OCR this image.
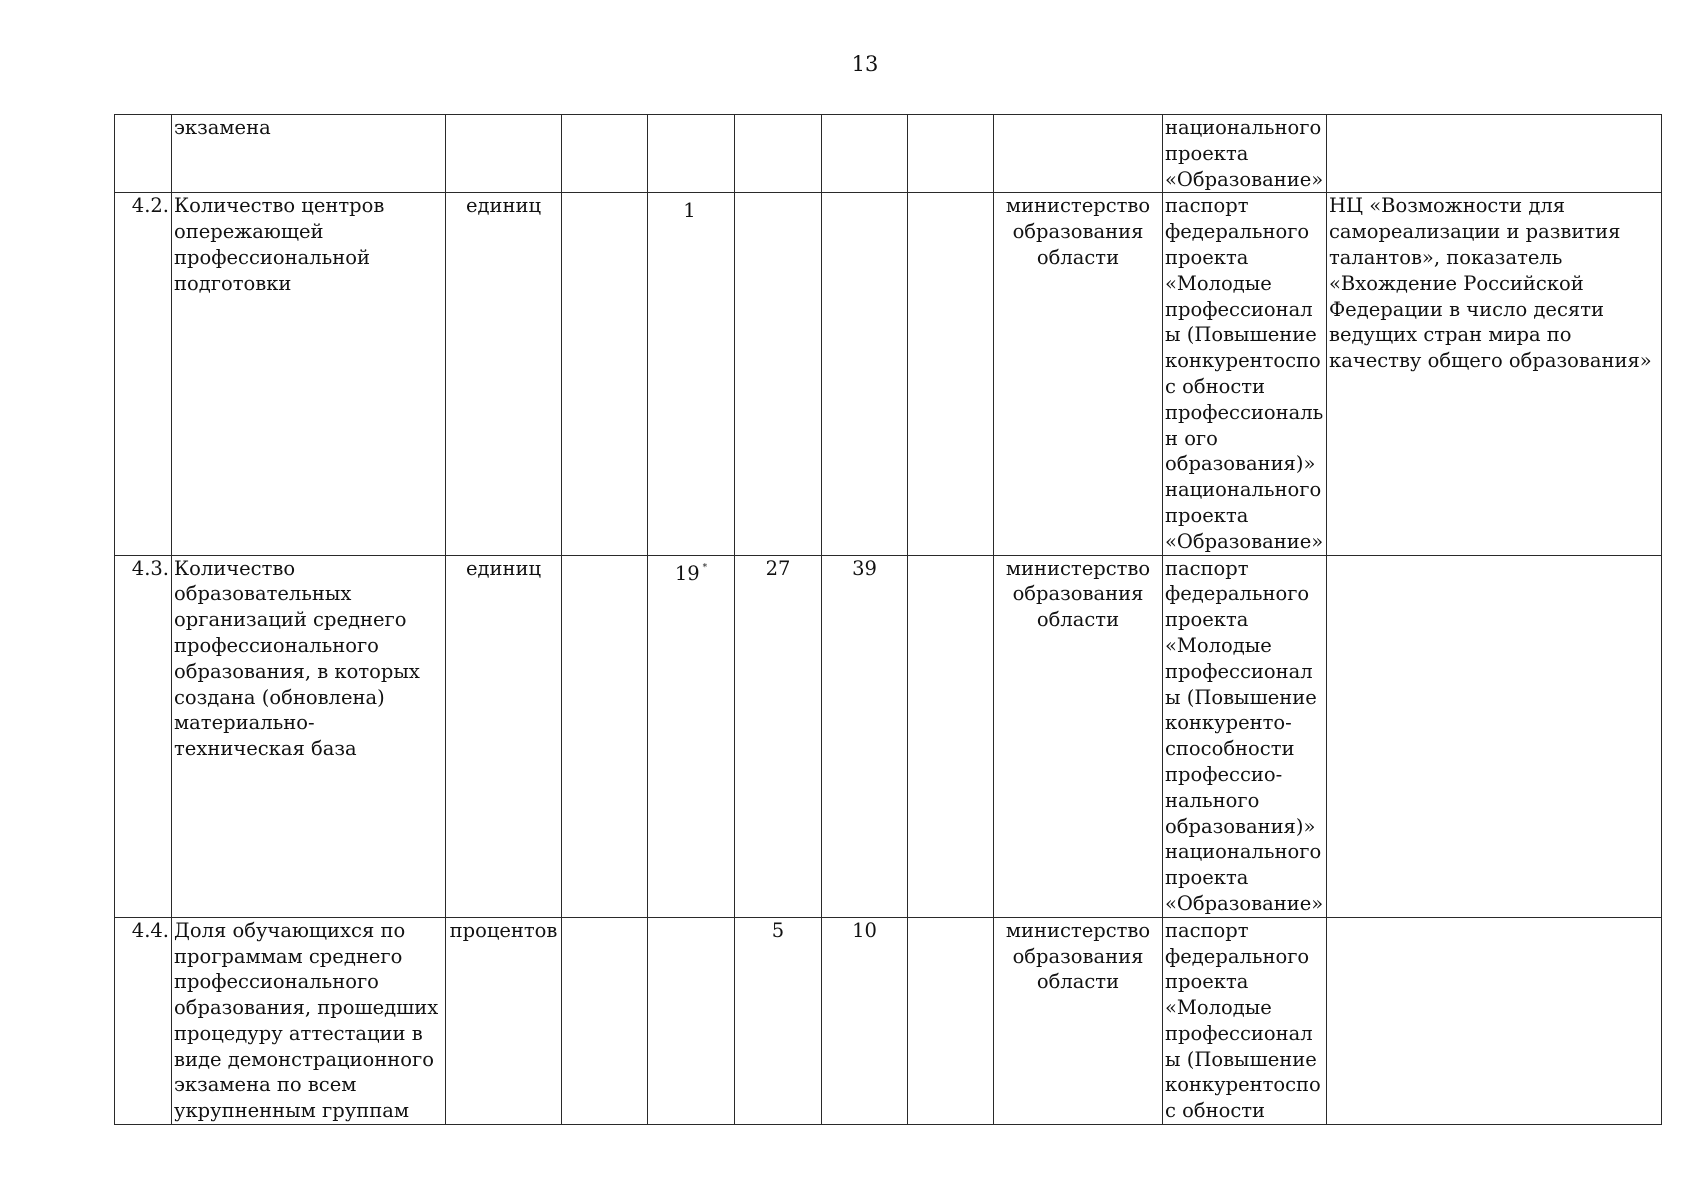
13
	экзамена								национального проекта «Образование»	
4.2.	Количество центров опережающей профессиональной подготовки	единиц		1				министерство образования области	паспорт федерального проекта «Молодые профессионалы (Повышение конкурентоспос обности профессиональн ого образования)» национального проекта «Образование»	НЦ «Возможности для самореализации и развития талантов», показатель «Вхождение Российской Федерации в число десяти ведущих стран мира по качеству общего образования»
4.3.	Количество образовательных организаций среднего профессионального образования, в которых создана (обновлена) материально-техническая база	единиц		19 *	27	39		министерство образования области	паспорт федерального проекта «Молодые профессионалы (Повышение конкуренто-способности профессио-нального образования)» национального проекта «Образование»	
4.4.	Доля обучающихся по программам среднего профессионального образования, прошедших процедуру аттестации в виде демонстрационного экзамена по всем укрупненным группам	процентов			5	10		министерство образования области	паспорт федерального проекта «Молодые профессионалы (Повышение конкурентоспос обности	
